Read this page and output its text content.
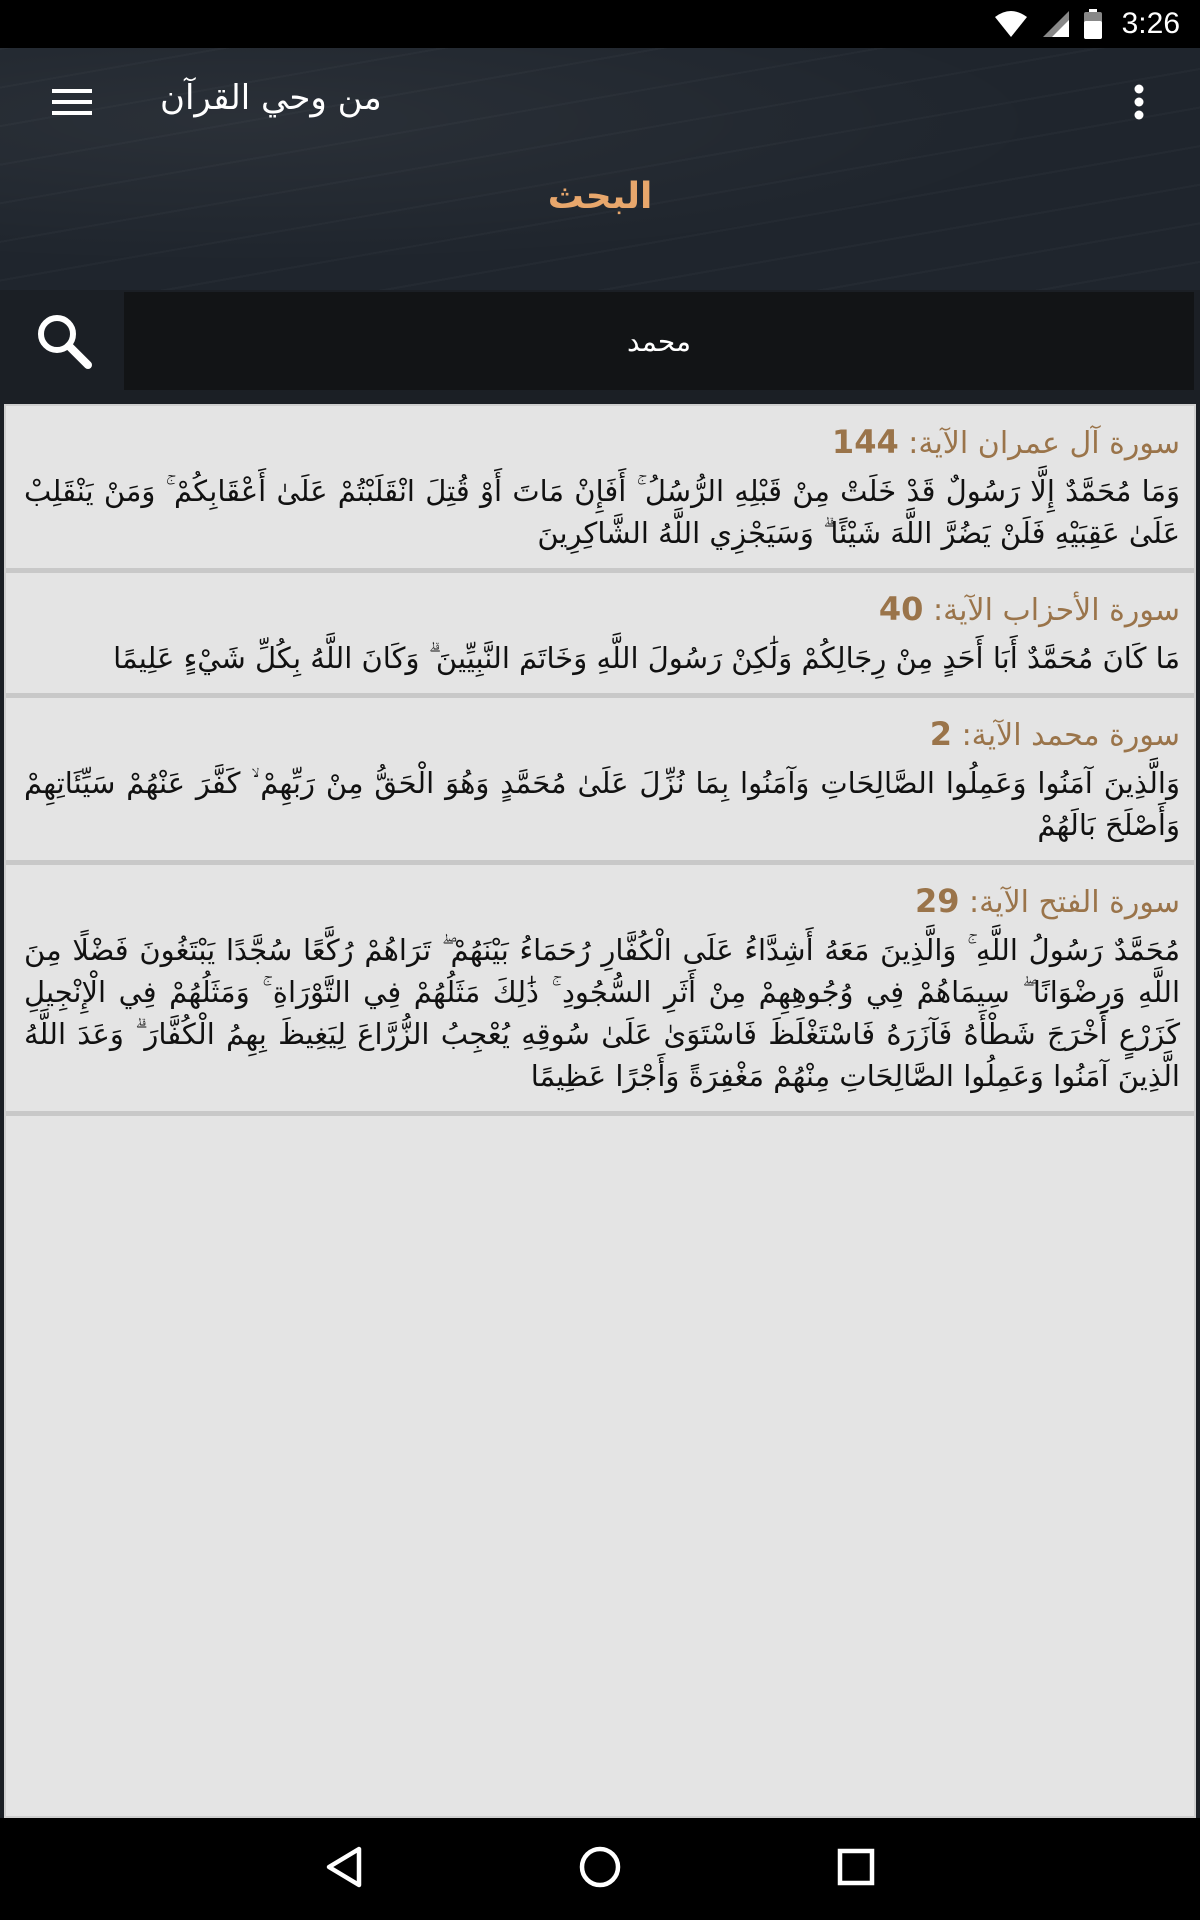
3:26
من وحي القرآن
البحث
محمد
سورة آل عمران الآية: 144
وَمَا مُحَمَّدٌ إِلَّا رَسُولٌ قَدْ خَلَتْ مِنْ قَبْلِهِ الرُّسُلُ ۚ أَفَإِنْ مَاتَ أَوْ قُتِلَ انْقَلَبْتُمْ عَلَىٰ أَعْقَابِكُمْ ۚ وَمَنْ يَنْقَلِبْ عَلَىٰ عَقِبَيْهِ فَلَنْ يَضُرَّ اللَّهَ شَيْئًا ۗ وَسَيَجْزِي اللَّهُ الشَّاكِرِينَ
سورة الأحزاب الآية: 40
مَا كَانَ مُحَمَّدٌ أَبَا أَحَدٍ مِنْ رِجَالِكُمْ وَلَٰكِنْ رَسُولَ اللَّهِ وَخَاتَمَ النَّبِيِّينَ ۗ وَكَانَ اللَّهُ بِكُلِّ شَيْءٍ عَلِيمًا
سورة محمد الآية: 2
وَالَّذِينَ آمَنُوا وَعَمِلُوا الصَّالِحَاتِ وَآمَنُوا بِمَا نُزِّلَ عَلَىٰ مُحَمَّدٍ وَهُوَ الْحَقُّ مِنْ رَبِّهِمْ ۙ كَفَّرَ عَنْهُمْ سَيِّئَاتِهِمْ وَأَصْلَحَ بَالَهُمْ
سورة الفتح الآية: 29
مُحَمَّدٌ رَسُولُ اللَّهِ ۚ وَالَّذِينَ مَعَهُ أَشِدَّاءُ عَلَى الْكُفَّارِ رُحَمَاءُ بَيْنَهُمْ ۖ تَرَاهُمْ رُكَّعًا سُجَّدًا يَبْتَغُونَ فَضْلًا مِنَ اللَّهِ وَرِضْوَانًا ۖ سِيمَاهُمْ فِي وُجُوهِهِمْ مِنْ أَثَرِ السُّجُودِ ۚ ذَٰلِكَ مَثَلُهُمْ فِي التَّوْرَاةِ ۚ وَمَثَلُهُمْ فِي الْإِنْجِيلِ كَزَرْعٍ أَخْرَجَ شَطْأَهُ فَآزَرَهُ فَاسْتَغْلَظَ فَاسْتَوَىٰ عَلَىٰ سُوقِهِ يُعْجِبُ الزُّرَّاعَ لِيَغِيظَ بِهِمُ الْكُفَّارَ ۗ وَعَدَ اللَّهُ الَّذِينَ آمَنُوا وَعَمِلُوا الصَّالِحَاتِ مِنْهُمْ مَغْفِرَةً وَأَجْرًا عَظِيمًا
